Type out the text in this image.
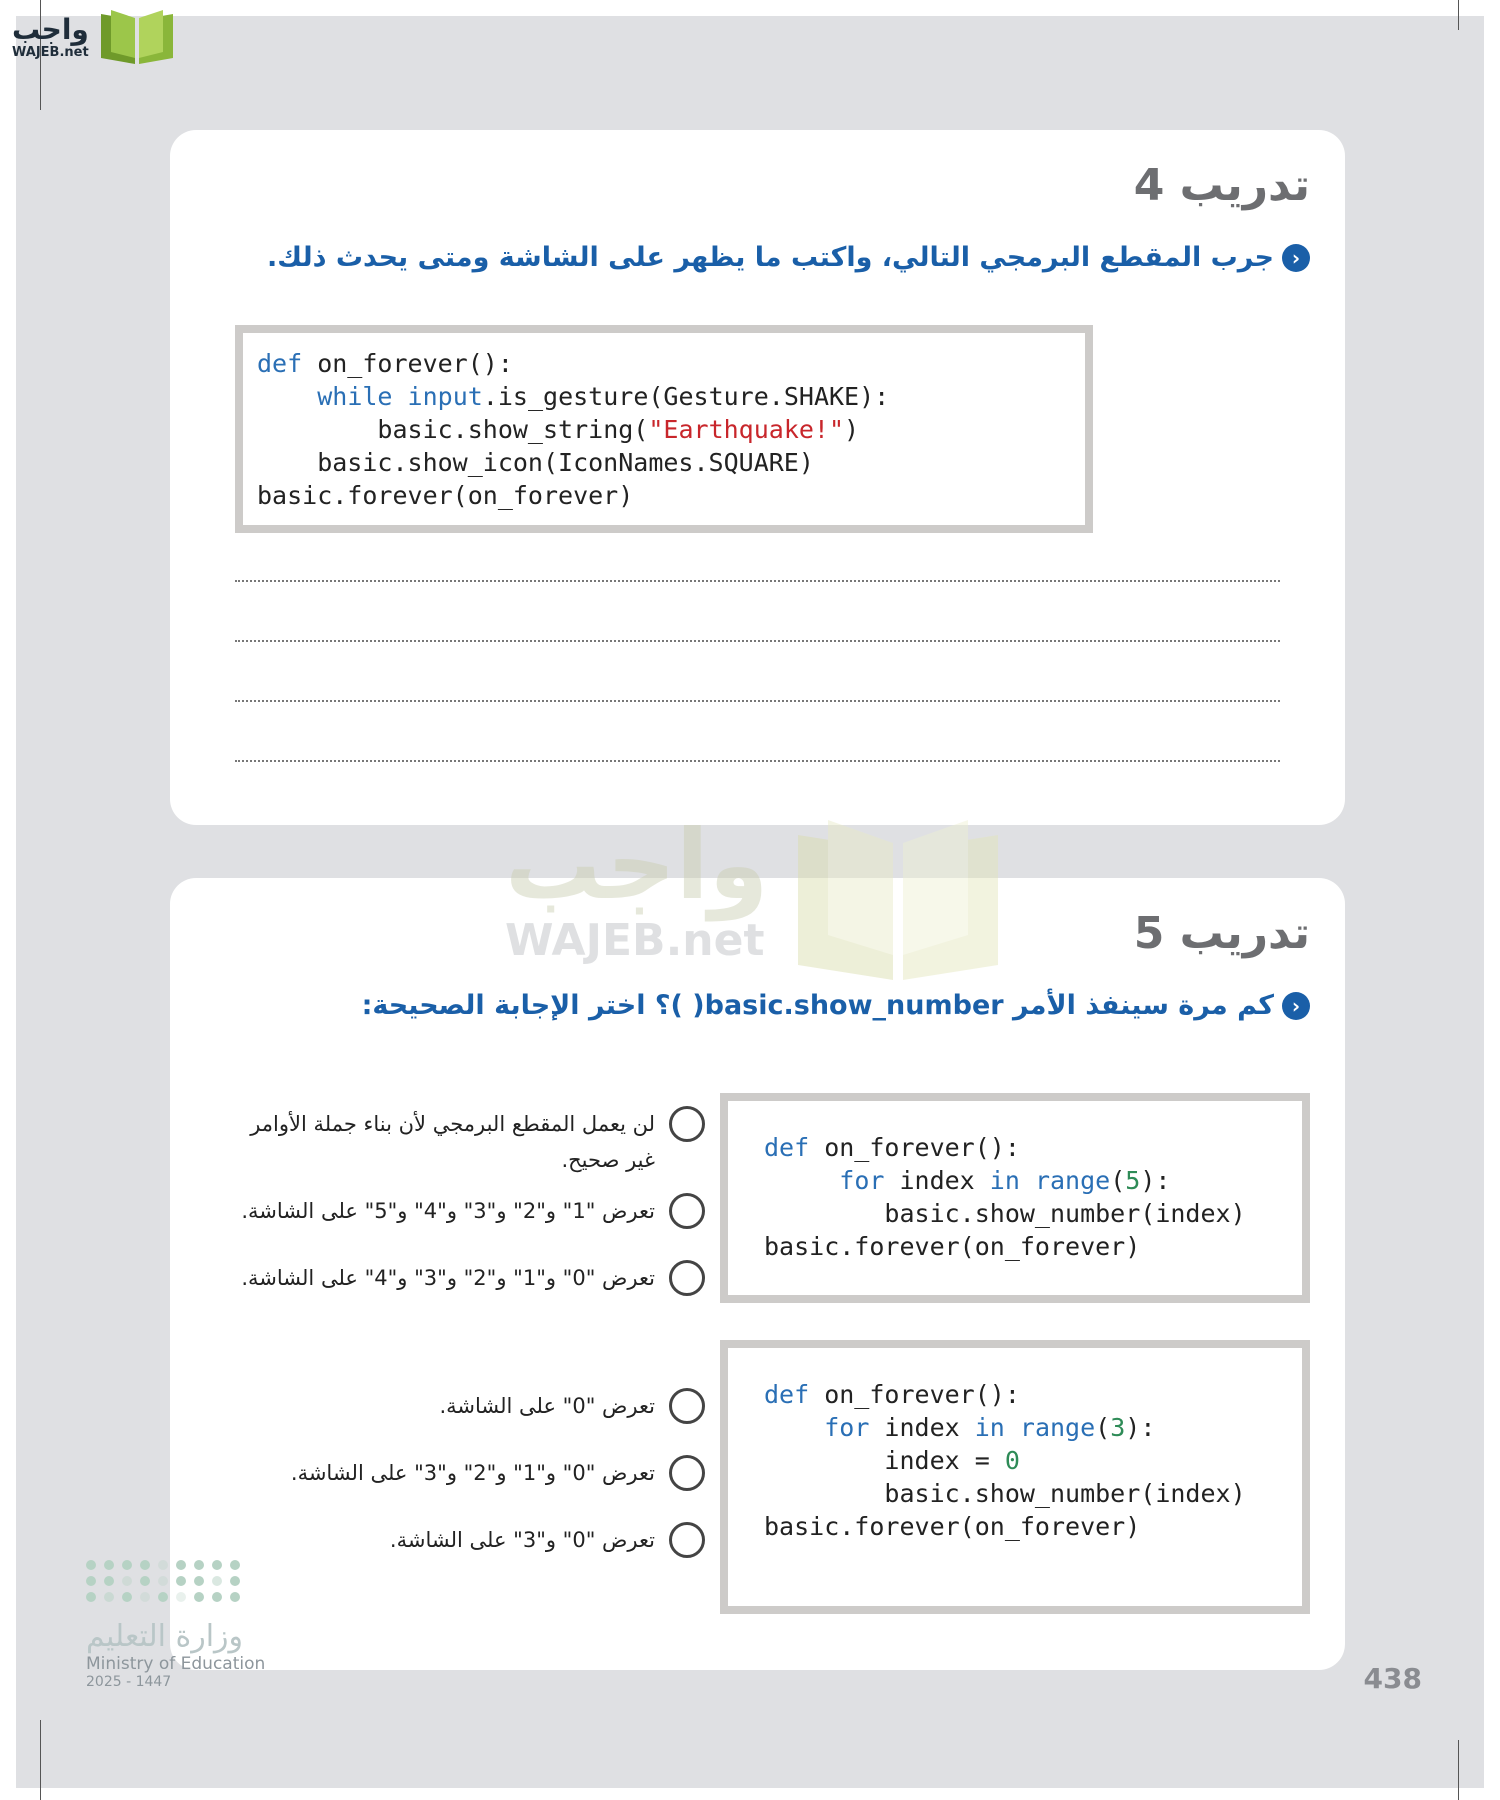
واجب
WAJEB.net
تدريب 4
‹
جرب المقطع البرمجي التالي، واكتب ما يظهر على الشاشة ومتى يحدث ذلك.
def on_forever():
while input.is_gesture(Gesture.SHAKE):
basic.show_string("Earthquake!")
basic.show_icon(IconNames.SQUARE)
basic.forever(on_forever)
تدريب 5
‹
كم مرة سينفذ الأمر basic.show_number( )؟ اختر الإجابة الصحيحة:
def on_forever():
for index in range(5):
basic.show_number(index)
basic.forever(on_forever)
لن يعمل المقطع البرمجي لأن بناء جملة الأوامر غير صحيح.
تعرض "1" و"2" و"3" و"4" و"5" على الشاشة.
تعرض "0" و"1" و"2" و"3" و"4" على الشاشة.
def on_forever():
for index in range(3):
index = 0
basic.show_number(index)
basic.forever(on_forever)
تعرض "0" على الشاشة.
تعرض "0" و"1" و"2" و"3" على الشاشة.
تعرض "0" و"3" على الشاشة.
واجب
WAJEB.net
وزارة التعليم
Ministry of Education
2025 - 1447	438
